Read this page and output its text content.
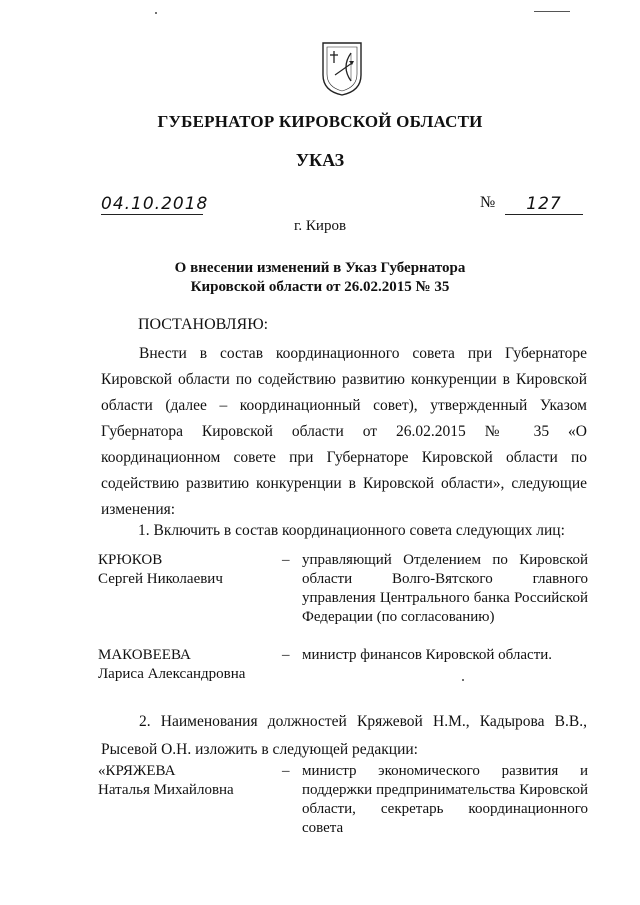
ГУБЕРНАТОР КИРОВСКОЙ ОБЛАСТИ
УКАЗ
04.10.2018	№	127
г. Киров
О внесении изменений в Указ Губернатора
Кировской области от 26.02.2015 № 35
ПОСТАНОВЛЯЮ:
Внести в состав координационного совета при Губернаторе Кировской области по содействию развитию конкуренции в Кировской области (далее – координационный совет), утвержденный Указом Губернатора Кировской области от 26.02.2015 № 35 «О координационном совете при Губернаторе Кировской области по содействию развитию конкуренции в Кировской области», следующие изменения:
1. Включить в состав координационного совета следующих лиц:
КРЮКОВ
Сергей Николаевич
– управляющий Отделением по Кировской области Волго-Вятского главного управления Центрального банка Российской Федерации (по согласованию)
МАКОВЕЕВА
Лариса Александровна
– министр финансов Кировской области.
2. Наименования должностей Кряжевой Н.М., Кадырова В.В., Рысевой О.Н. изложить в следующей редакции:
«КРЯЖЕВА
Наталья Михайловна
– министр экономического развития и поддержки предпринимательства Кировской области, секретарь координационного совета
